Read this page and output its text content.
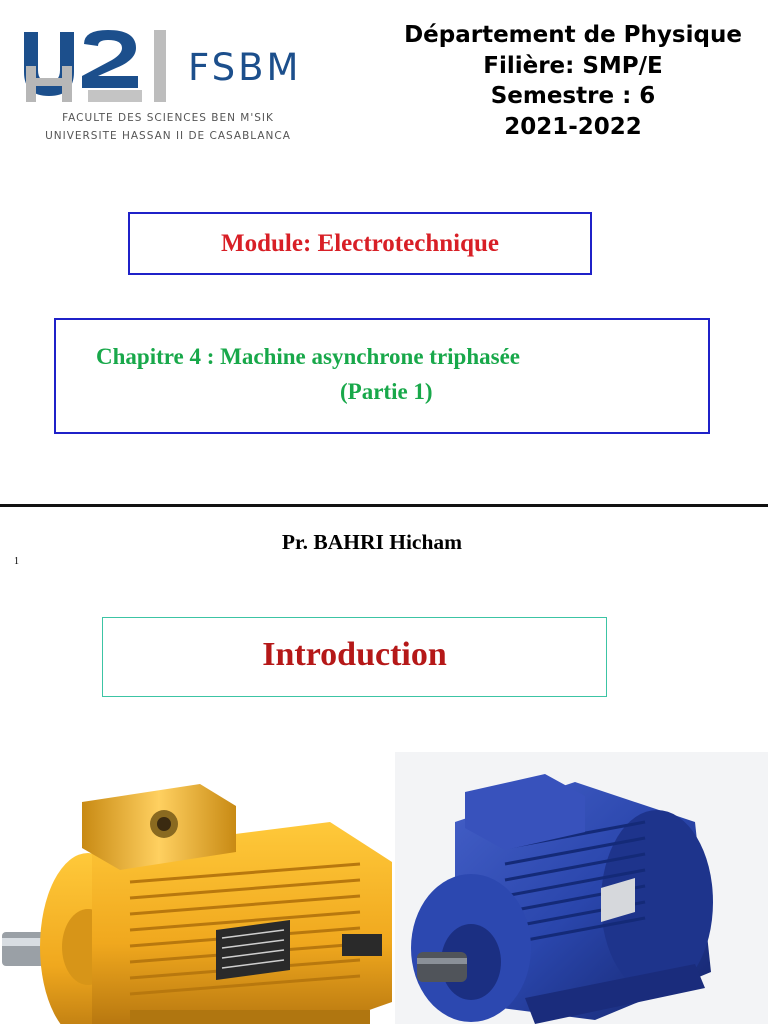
FSBM
FACULTE DES SCIENCES BEN M'SIK
UNIVERSITE HASSAN II DE CASABLANCA
Département de Physique
Filière: SMP/E
Semestre : 6
2021-2022
Module: Electrotechnique
Chapitre 4 : Machine asynchrone triphasée
(Partie 1)
Pr. BAHRI Hicham
1
Introduction
